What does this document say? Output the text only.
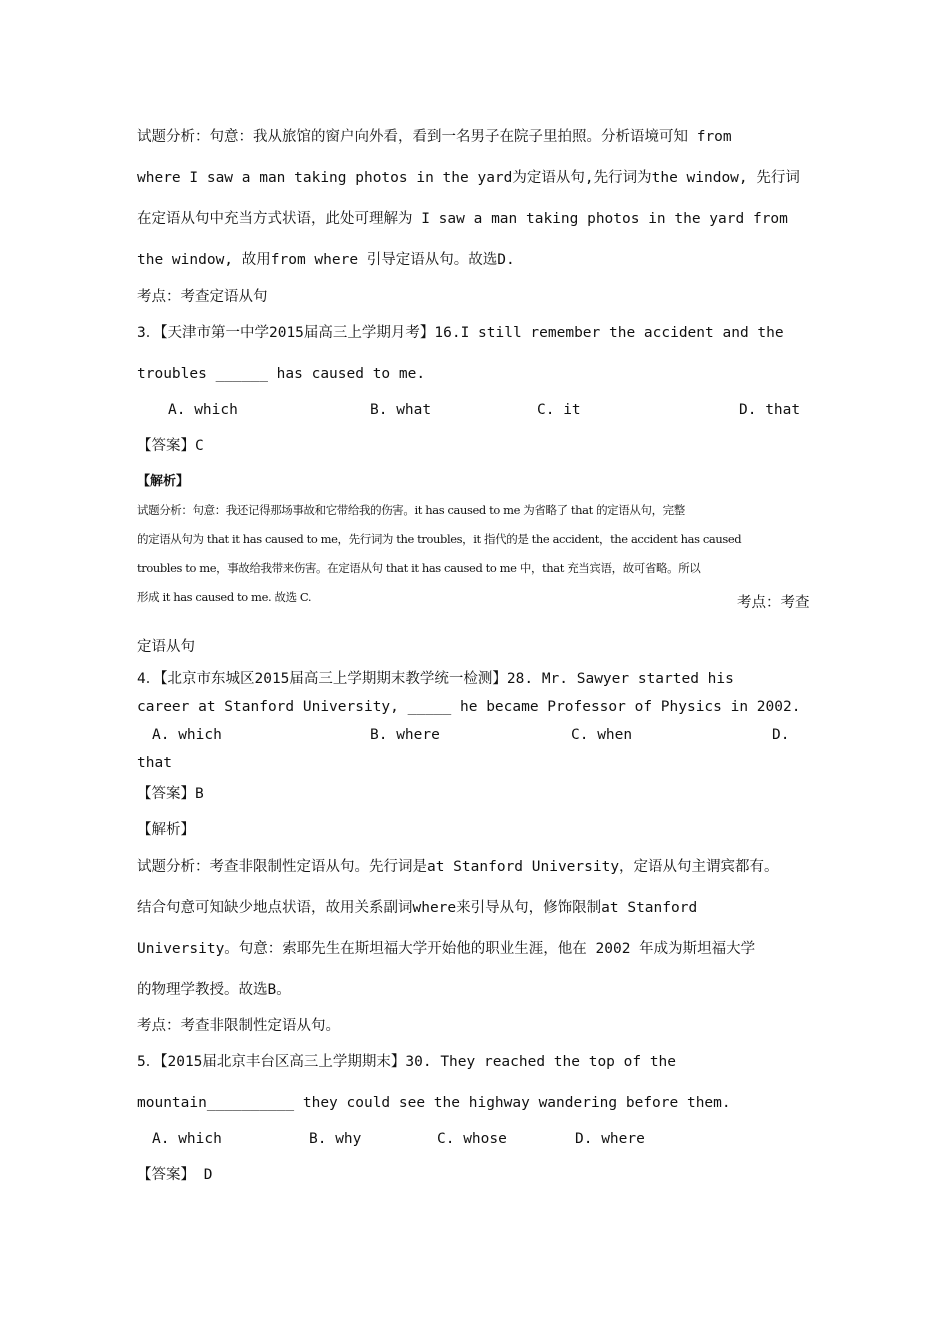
试题分析：句意：我从旅馆的窗户向外看，看到一名男子在院子里拍照。分析语境可知 from
where I saw a man taking photos in the yard为定语从句,先行词为the window, 先行词
在定语从句中充当方式状语，此处可理解为 I saw a man taking photos in the yard from
the window, 故用from where 引导定语从句。故选D.
考点：考查定语从句
3．【天津市第一中学2015届高三上学期月考】16.I still remember the accident and the
troubles ______ has caused to me.
A. which	B. what	C. it	D. that
【答案】C
【解析】
试题分析：句意：我还记得那场事故和它带给我的伤害。it has caused to me 为省略了 that 的定语从句，完整
的定语从句为 that it has caused to me，先行词为 the troubles，it 指代的是 the accident，the accident has caused
troubles to me，事故给我带来伤害。在定语从句 that it has caused to me 中，that 充当宾语，故可省略。所以
形成 it has caused to me. 故选 C.	考点：考查
定语从句
4．【北京市东城区2015届高三上学期期末教学统一检测】28. Mr. Sawyer started his
career at Stanford University, _____ he became Professor of Physics in 2002.
A. which	B. where	C. when	D.
that
【答案】B
【解析】
试题分析：考查非限制性定语从句。先行词是at Stanford University，定语从句主谓宾都有。
结合句意可知缺少地点状语，故用关系副词where来引导从句，修饰限制at Stanford
University。句意：索耶先生在斯坦福大学开始他的职业生涯，他在 2002 年成为斯坦福大学
的物理学教授。故选B。
考点：考查非限制性定语从句。
5．【2015届北京丰台区高三上学期期末】30. They reached the top of the
mountain__________ they could see the highway wandering before them.
A. which	B. why	C. whose	D. where
【答案】 D
